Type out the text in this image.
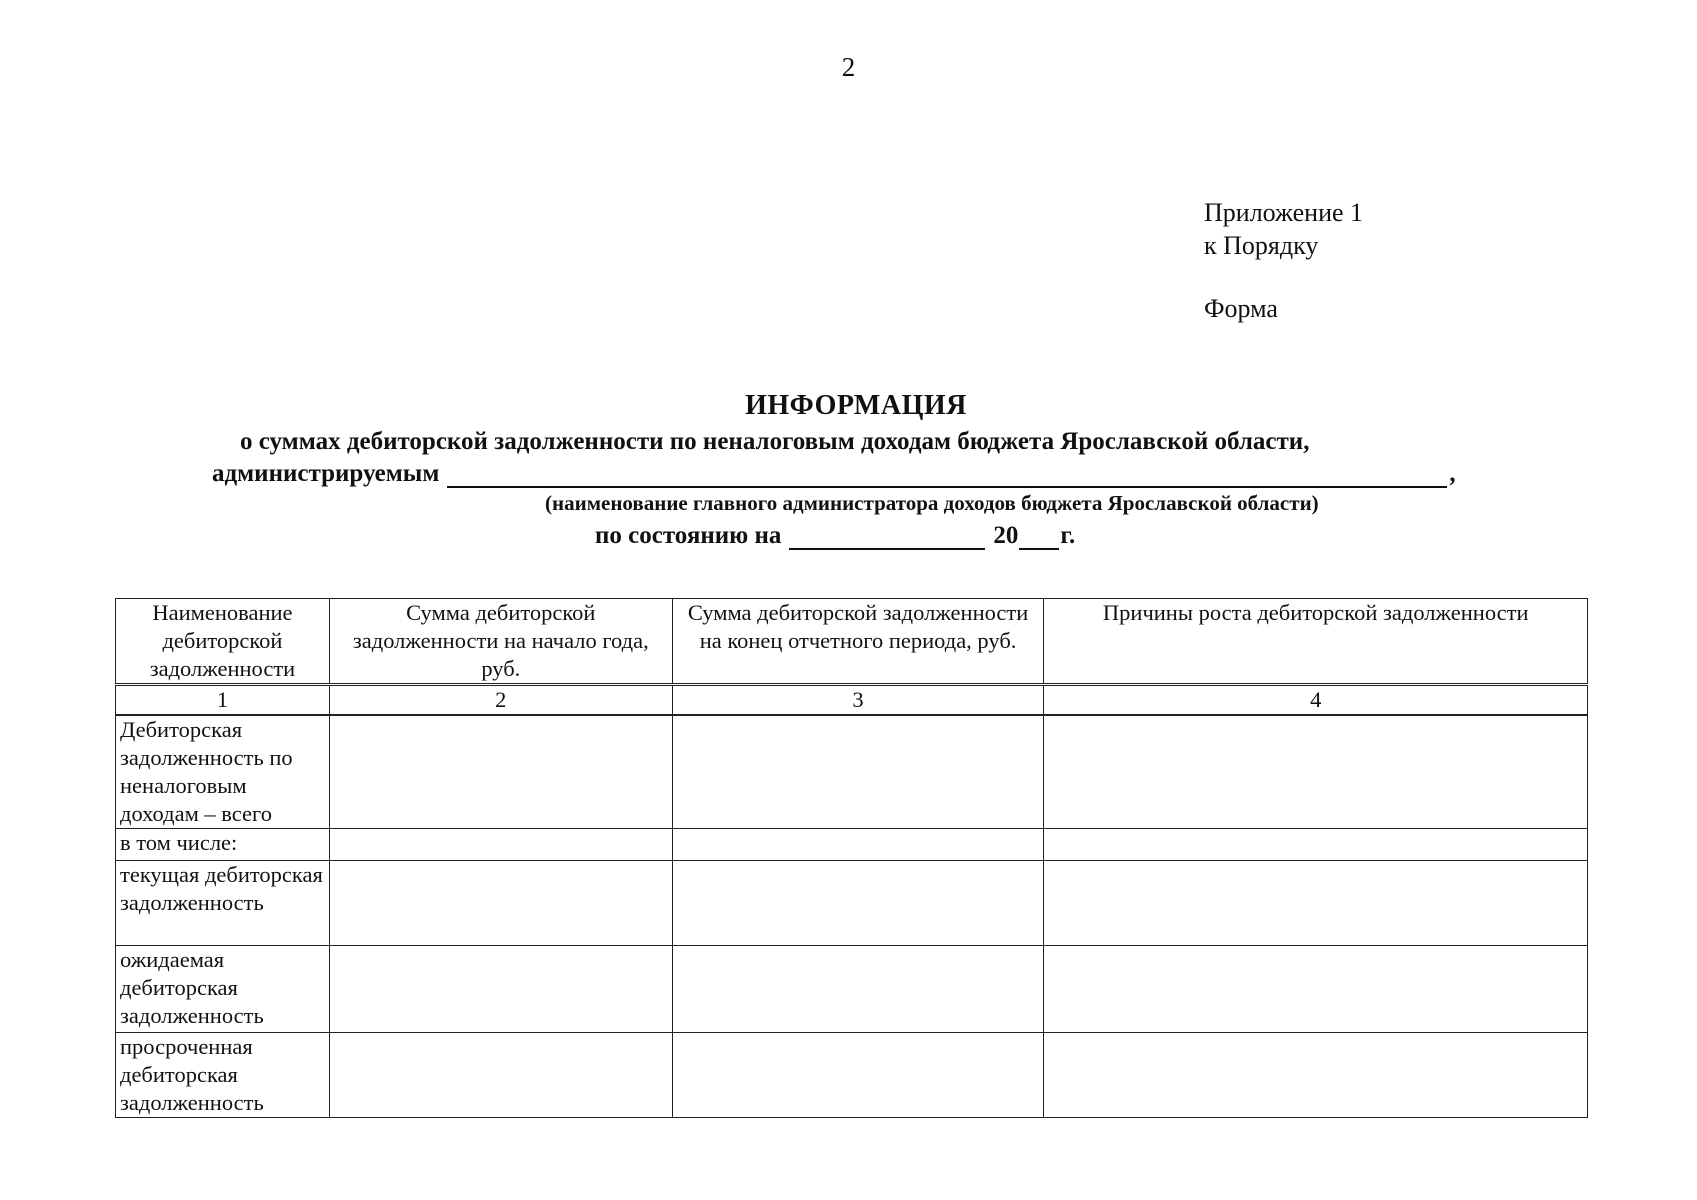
2
Приложение 1
к Порядку
Форма
ИНФОРМАЦИЯ
о суммах дебиторской задолженности по неналоговым доходам бюджета Ярославской области,
администрируемым	,
(наименование главного администратора доходов бюджета Ярославской области)
по состоянию на	20 г.
Наименование дебиторской задолженности	Сумма дебиторской задолженности на начало года, руб.	Сумма дебиторской задолженности на конец отчетного периода, руб.	Причины роста дебиторской задолженности
1	2	3	4
Дебиторская задолженность по неналоговым доходам – всего			
в том числе:			
текущая дебиторская задолженность			
ожидаемая дебиторская задолженность			
просроченная дебиторская задолженность			
